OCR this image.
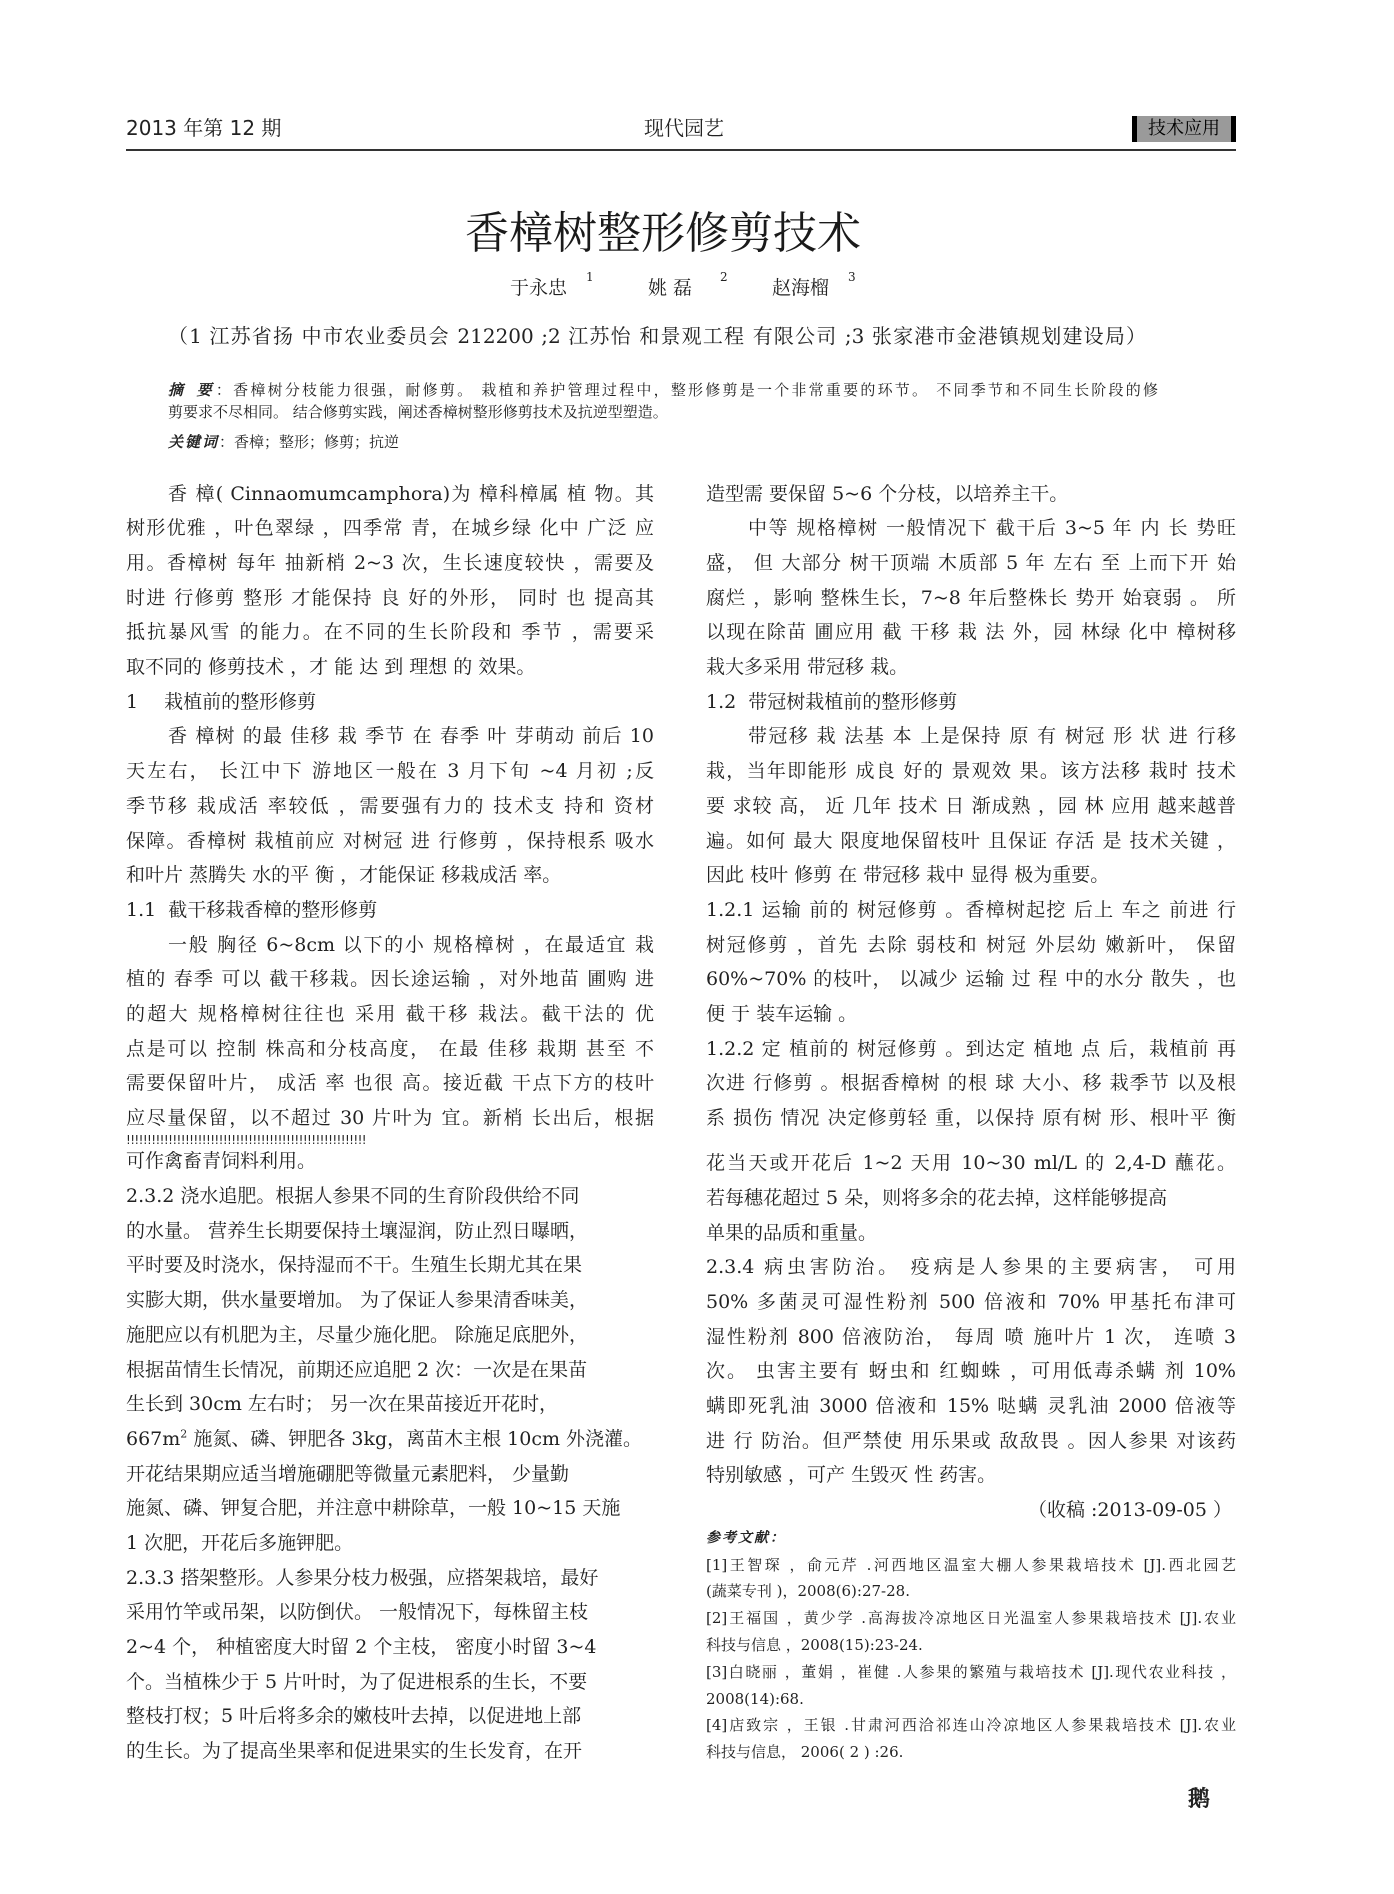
2013 年第 12 期	现代园艺	技术应用
香樟树整形修剪技术
于永忠 1	姚 磊 2 赵海榴 3
（1 江苏省扬 中市农业委员会 212200 ;2 江苏怡 和景观工程 有限公司 ;3 张家港市金港镇规划建设局）
摘 要：香樟树分枝能力很强，耐修剪。 栽植和养护管理过程中，整形修剪是一个非常重要的环节。 不同季节和不同生长阶段的修
剪要求不尽相同。 结合修剪实践，阐述香樟树整形修剪技术及抗逆型塑造。
关键词：香樟；整形；修剪；抗逆
香 樟( Cinnaomumcamphora)为 樟科樟属 植 物。其
树形优雅 ，叶色翠绿 ，四季常 青，在城乡绿 化中 广泛 应
用。香樟树 每年 抽新梢 2~3 次，生长速度较快 ，需要及
时进 行修剪 整形 才能保持 良 好的外形， 同时 也 提高其
抵抗暴风雪 的能力。在不同的生长阶段和 季节 ，需要采
取不同的 修剪技术 ，才 能 达 到 理想 的 效果。
1 栽植前的整形修剪
香 樟树 的最 佳移 栽 季节 在 春季 叶 芽萌动 前后 10
天左右， 长江中下 游地区一般在 3 月下旬 ~4 月初 ;反
季节移 栽成活 率较低 ，需要强有力的 技术支 持和 资材
保障。香樟树 栽植前应 对树冠 进 行修剪 ，保持根系 吸水
和叶片 蒸腾失 水的平 衡 ，才能保证 移栽成活 率。
1.1 截干移栽香樟的整形修剪
一般 胸径 6~8cm 以下的小 规格樟树 ，在最适宜 栽
植的 春季 可以 截干移栽。因长途运输 ，对外地苗 圃购 进
的超大 规格樟树往往也 采用 截干移 栽法。截干法的 优
点是可以 控制 株高和分枝高度， 在最 佳移 栽期 甚至 不
需要保留叶片， 成活 率 也很 高。接近截 干点下方的枝叶
应尽量保留，以不超过 30 片叶为 宜。新梢 长出后，根据
!!!!!!!!!!!!!!!!!!!!!!!!!!!!!!!!!!!!!!!!!!!!!!!!!!!!!!!!!
可作禽畜青饲料利用。
2.3.2 浇水追肥。根据人参果不同的生育阶段供给不同
的水量。 营养生长期要保持土壤湿润，防止烈日曝晒，
平时要及时浇水，保持湿而不干。生殖生长期尤其在果
实膨大期，供水量要增加。 为了保证人参果清香味美，
施肥应以有机肥为主，尽量少施化肥。 除施足底肥外，
根据苗情生长情况，前期还应追肥 2 次：一次是在果苗
生长到 30cm 左右时； 另一次在果苗接近开花时，
$667m^2$ 施氮、磷、钾肥各 3kg，离苗木主根 10cm 外浇灌。
开花结果期应适当增施硼肥等微量元素肥料， 少量勤
施氮、磷、钾复合肥，并注意中耕除草，一般 10~15 天施
1 次肥，开花后多施钾肥。
2.3.3 搭架整形。人参果分枝力极强，应搭架栽培，最好
采用竹竿或吊架，以防倒伏。 一般情况下，每株留主枝
2~4 个， 种植密度大时留 2 个主枝， 密度小时留 3~4
个。当植株少于 5 片叶时，为了促进根系的生长，不要
整枝打杈；5 叶后将多余的嫩枝叶去掉，以促进地上部
的生长。为了提高坐果率和促进果实的生长发育，在开
造型需 要保留 5~6 个分枝，以培养主干。
中等 规格樟树 一般情况下 截干后 3~5 年 内 长 势旺
盛， 但 大部分 树干顶端 木质部 5 年 左右 至 上而下开 始
腐烂 ，影响 整株生长，7~8 年后整株长 势开 始衰弱 。 所
以现在除苗 圃应用 截 干移 栽 法 外，园 林绿 化中 樟树移
栽大多采用 带冠移 栽。
1.2 带冠树栽植前的整形修剪
带冠移 栽 法基 本 上是保持 原 有 树冠 形 状 进 行移
栽，当年即能形 成良 好的 景观效 果。该方法移 栽时 技术
要 求较 高， 近 几年 技术 日 渐成熟 ，园 林 应用 越来越普
遍。如何 最大 限度地保留枝叶 且保证 存活 是 技术关键 ，
因此 枝叶 修剪 在 带冠移 栽中 显得 极为重要。
1.2.1 运输 前的 树冠修剪 。香樟树起挖 后上 车之 前进 行
树冠修剪 ，首先 去除 弱枝和 树冠 外层幼 嫩新叶， 保留
60%~70% 的枝叶， 以减少 运输 过 程 中的水分 散失 ，也
便 于 装车运输 。
1.2.2 定 植前的 树冠修剪 。到达定 植地 点 后，栽植前 再
次进 行修剪 。根据香樟树 的根 球 大小、移 栽季节 以及根
系 损伤 情况 决定修剪轻 重，以保持 原有树 形、根叶平 衡
花当天或开花后 1~2 天用 10~30 ml/L 的 2,4-D 蘸花。
若每穗花超过 5 朵，则将多余的花去掉，这样能够提高
单果的品质和重量。
2.3.4 病虫害防治。 疫病是人参果的主要病害， 可用
50% 多菌灵可湿性粉剂 500 倍液和 70% 甲基托布津可
湿性粉剂 800 倍液防治， 每周 喷 施叶片 1 次， 连喷 3
次。 虫害主要有 蚜虫和 红蜘蛛 ，可用低毒杀螨 剂 10%
螨即死乳油 3000 倍液和 15% 哒螨 灵乳油 2000 倍液等
进 行 防治。但严禁使 用乐果或 敌敌畏 。因人参果 对该药
特别敏感 ，可产 生毁灭 性 药害。
（收稿 :2013-09-05 ）
参考文献：
[1]王智琛 ，俞元芹 .河西地区温室大棚人参果栽培技术 [J].西北园艺
(蔬菜专刊 )，2008(6):27-28.
[2]王福国 ，黄少学 .高海拔冷凉地区日光温室人参果栽培技术 [J].农业
科技与信息 ，2008(15):23-24.
[3]白晓丽 ，董娟 ，崔健 .人参果的繁殖与栽培技术 [J].现代农业科技 ，
2008(14):68.
[4]店致宗 ，王银 .甘肃河西洽祁连山冷凉地区人参果栽培技术 [J].农业
科技与信息， 2006( 2 ) :26.
鹅
